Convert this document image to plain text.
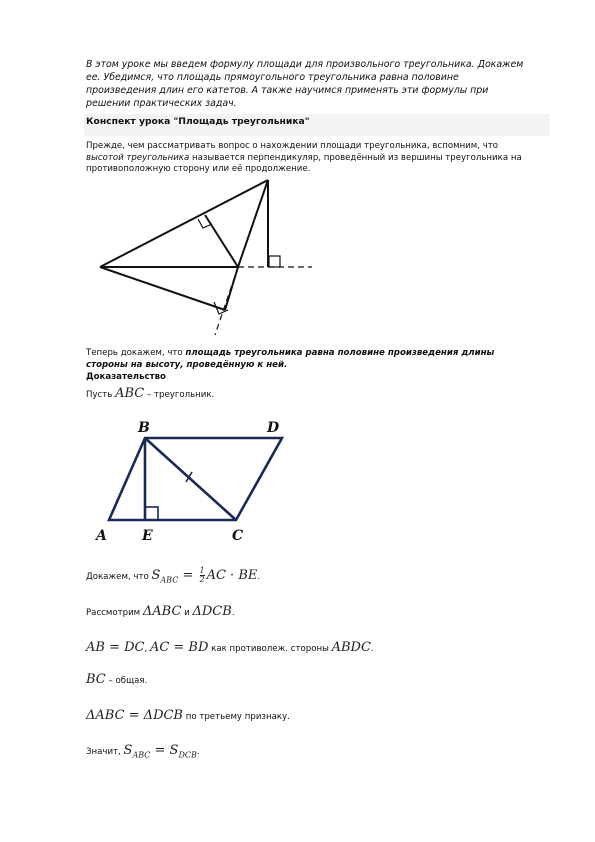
В этом уроке мы введем формулу площади для произвольного треугольника. Докажем ее. Убедимся, что площадь прямоугольного треугольника равна половине произведения длин его катетов. А также научимся применять эти формулы при решении практических задач.
Конспект урока "Площадь треугольника"
Прежде, чем рассматривать вопрос о нахождении площади треугольника, вспомним, что высотой треугольника называется перпендикуляр, проведённый из вершины треугольника на противоположную сторону или её продолжение.
Теперь докажем, что площадь треугольника равна половине произведения длины стороны на высоту, проведённую к ней.
Доказательство
Пусть ABC – треугольник.
B	D
A	E	C
Докажем, что $S_{ABC} = \frac{1}{2}$ AC · BE.
Рассмотрим ΔABC и ΔDCB.
AB = DC, AC = BD как противолеж. стороны ABDC.
BC – общая.
ΔABC = ΔDCB по третьему признаку.
Значит, $S_{ABC} = S_{DCB}$.
